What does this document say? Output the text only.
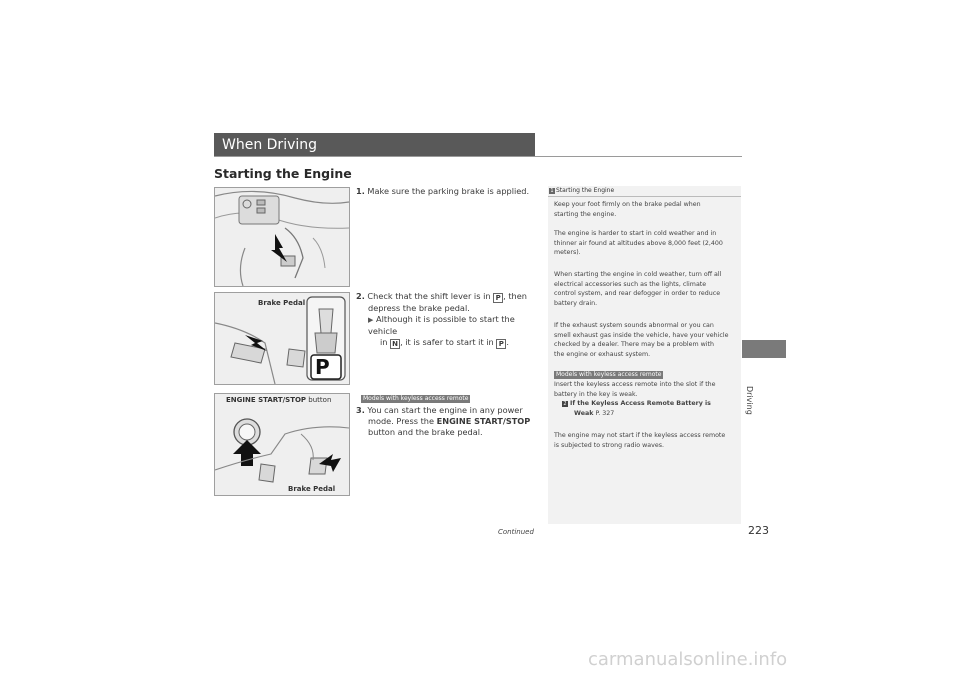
When Driving
Starting the Engine
Driving
Brake Pedal
P
ENGINE START/STOP button
Brake Pedal
1. Make sure the parking brake is applied.
2. Check that the shift lever is in P , then
depress the brake pedal.
▶ Although it is possible to start the vehicle
in N , it is safer to start it in P .
Models with keyless access remote
3. You can start the engine in any power
mode. Press the ENGINE START/STOP
button and the brake pedal.
1 Starting the Engine
Keep your foot firmly on the brake pedal when
starting the engine.
The engine is harder to start in cold weather and in
thinner air found at altitudes above 8,000 feet (2,400
meters).
When starting the engine in cold weather, turn off all
electrical accessories such as the lights, climate
control system, and rear defogger in order to reduce
battery drain.
If the exhaust system sounds abnormal or you can
smell exhaust gas inside the vehicle, have your vehicle
checked by a dealer. There may be a problem with
the engine or exhaust system.
Models with keyless access remote
Insert the keyless access remote into the slot if the
battery in the key is weak.
2 If the Keyless Access Remote Battery is
Weak P. 327
The engine may not start if the keyless access remote
is subjected to strong radio waves.
Continued	223
carmanualsonline.info
